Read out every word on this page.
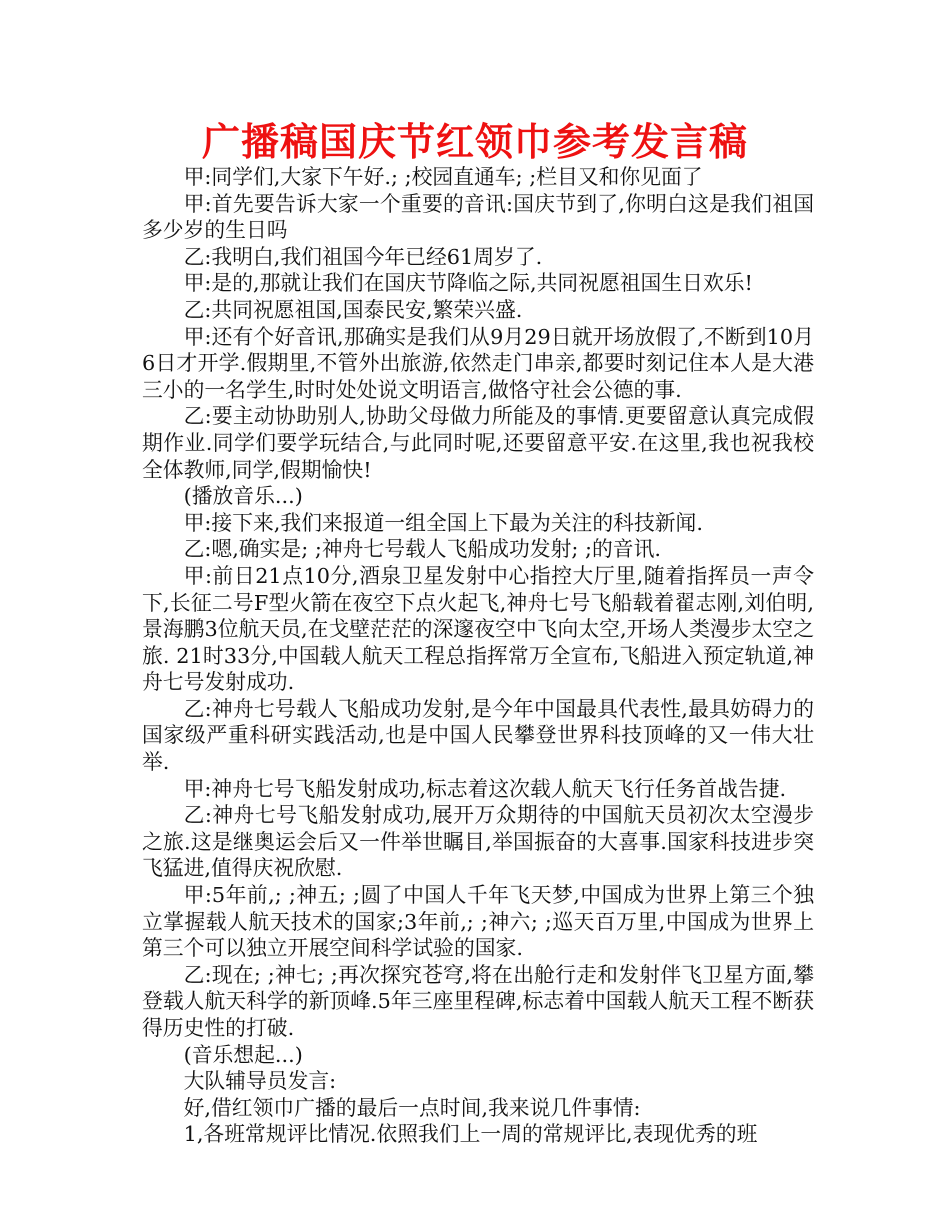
广播稿国庆节红领巾参考发言稿

甲:同学们,大家下午好.; ;校园直通车; ;栏目又和你见面了

甲:首先要告诉大家一个重要的音讯:国庆节到了,你明白这是我们祖国多少岁的生日吗

乙:我明白,我们祖国今年已经61周岁了.

甲:是的,那就让我们在国庆节降临之际,共同祝愿祖国生日欢乐!

乙:共同祝愿祖国,国泰民安,繁荣兴盛.

甲:还有个好音讯,那确实是我们从9月29日就开场放假了,不断到10月6日才开学.假期里,不管外出旅游,依然走门串亲,都要时刻记住本人是大港三小的一名学生,时时处处说文明语言,做恪守社会公德的事.

乙:要主动协助别人,协助父母做力所能及的事情.更要留意认真完成假期作业.同学们要学玩结合,与此同时呢,还要留意平安.在这里,我也祝我校全体教师,同学,假期愉快!

(播放音乐...)

甲:接下来,我们来报道一组全国上下最为关注的科技新闻.

乙:嗯,确实是; ;神舟七号载人飞船成功发射; ;的音讯.

甲:前日21点10分,酒泉卫星发射中心指控大厅里,随着指挥员一声令下,长征二号F型火箭在夜空下点火起飞,神舟七号飞船载着翟志刚,刘伯明,景海鹏3位航天员,在戈壁茫茫的深邃夜空中飞向太空,开场人类漫步太空之旅. 21时33分,中国载人航天工程总指挥常万全宣布,飞船进入预定轨道,神舟七号发射成功.

乙:神舟七号载人飞船成功发射,是今年中国最具代表性,最具妨碍力的国家级严重科研实践活动,也是中国人民攀登世界科技顶峰的又一伟大壮举.

甲:神舟七号飞船发射成功,标志着这次载人航天飞行任务首战告捷.

乙:神舟七号飞船发射成功,展开万众期待的中国航天员初次太空漫步之旅.这是继奥运会后又一件举世瞩目,举国振奋的大喜事.国家科技进步突飞猛进,值得庆祝欣慰.

甲:5年前,; ;神五; ;圆了中国人千年飞天梦,中国成为世界上第三个独立掌握载人航天技术的国家;3年前,; ;神六; ;巡天百万里,中国成为世界上第三个可以独立开展空间科学试验的国家.

乙:现在; ;神七; ;再次探究苍穹,将在出舱行走和发射伴飞卫星方面,攀登载人航天科学的新顶峰.5年三座里程碑,标志着中国载人航天工程不断获得历史性的打破.

(音乐想起...)

大队辅导员发言:

好,借红领巾广播的最后一点时间,我来说几件事情:

1,各班常规评比情况.依照我们上一周的常规评比,表现优秀的班
